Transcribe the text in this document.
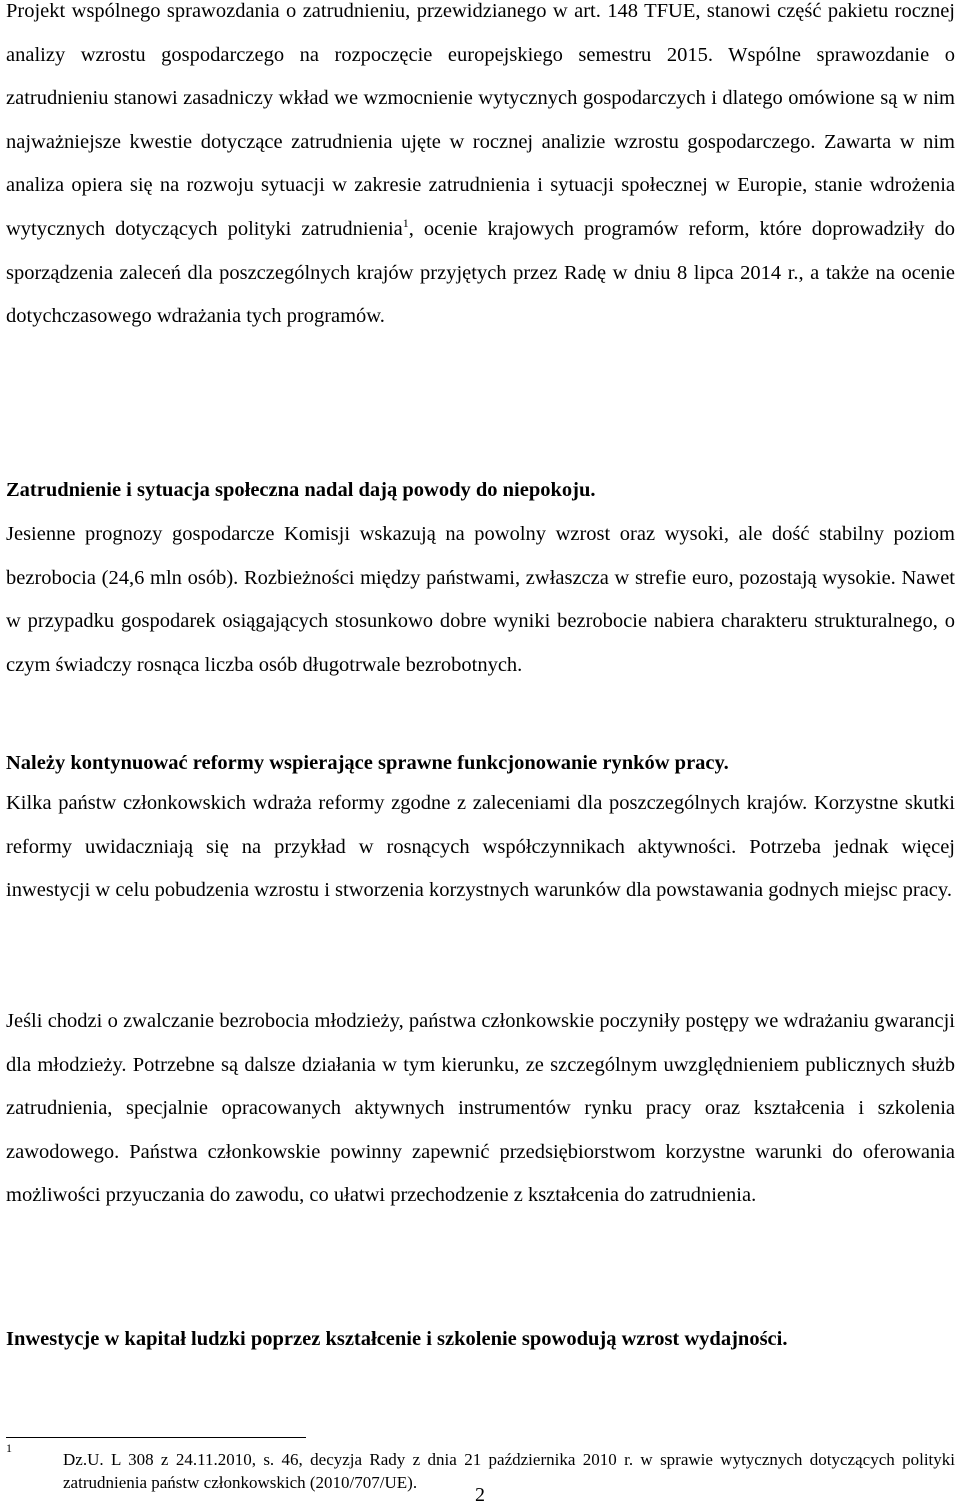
Projekt wspólnego sprawozdania o zatrudnieniu, przewidzianego w art. 148 TFUE, stanowi część pakietu rocznej analizy wzrostu gospodarczego na rozpoczęcie europejskiego semestru 2015. Wspólne sprawozdanie o zatrudnieniu stanowi zasadniczy wkład we wzmocnienie wytycznych gospodarczych i dlatego omówione są w nim najważniejsze kwestie dotyczące zatrudnienia ujęte w rocznej analizie wzrostu gospodarczego. Zawarta w nim analiza opiera się na rozwoju sytuacji w zakresie zatrudnienia i sytuacji społecznej w Europie, stanie wdrożenia wytycznych dotyczących polityki zatrudnienia$^1$, ocenie krajowych programów reform, które doprowadziły do sporządzenia zaleceń dla poszczególnych krajów przyjętych przez Radę w dniu 8 lipca 2014 r., a także na ocenie dotychczasowego wdrażania tych programów.

Zatrudnienie i sytuacja społeczna nadal dają powody do niepokoju.

Jesienne prognozy gospodarcze Komisji wskazują na powolny wzrost oraz wysoki, ale dość stabilny poziom bezrobocia (24,6 mln osób). Rozbieżności między państwami, zwłaszcza w strefie euro, pozostają wysokie. Nawet w przypadku gospodarek osiągających stosunkowo dobre wyniki bezrobocie nabiera charakteru strukturalnego, o czym świadczy rosnąca liczba osób długotrwale bezrobotnych.

Należy kontynuować reformy wspierające sprawne funkcjonowanie rynków pracy.

Kilka państw członkowskich wdraża reformy zgodne z zaleceniami dla poszczególnych krajów. Korzystne skutki reformy uwidaczniają się na przykład w rosnących współczynnikach aktywności. Potrzeba jednak więcej inwestycji w celu pobudzenia wzrostu i stworzenia korzystnych warunków dla powstawania godnych miejsc pracy.

Jeśli chodzi o zwalczanie bezrobocia młodzieży, państwa członkowskie poczyniły postępy we wdrażaniu gwarancji dla młodzieży. Potrzebne są dalsze działania w tym kierunku, ze szczególnym uwzględnieniem publicznych służb zatrudnienia, specjalnie opracowanych aktywnych instrumentów rynku pracy oraz kształcenia i szkolenia zawodowego. Państwa członkowskie powinny zapewnić przedsiębiorstwom korzystne warunki do oferowania możliwości przyuczania do zawodu, co ułatwi przechodzenie z kształcenia do zatrudnienia.

Inwestycje w kapitał ludzki poprzez kształcenie i szkolenie spowodują wzrost wydajności.

1

Dz.U. L 308 z 24.11.2010, s. 46, decyzja Rady z dnia 21 października 2010 r. w sprawie wytycznych dotyczących polityki zatrudnienia państw członkowskich (2010/707/UE).

2
